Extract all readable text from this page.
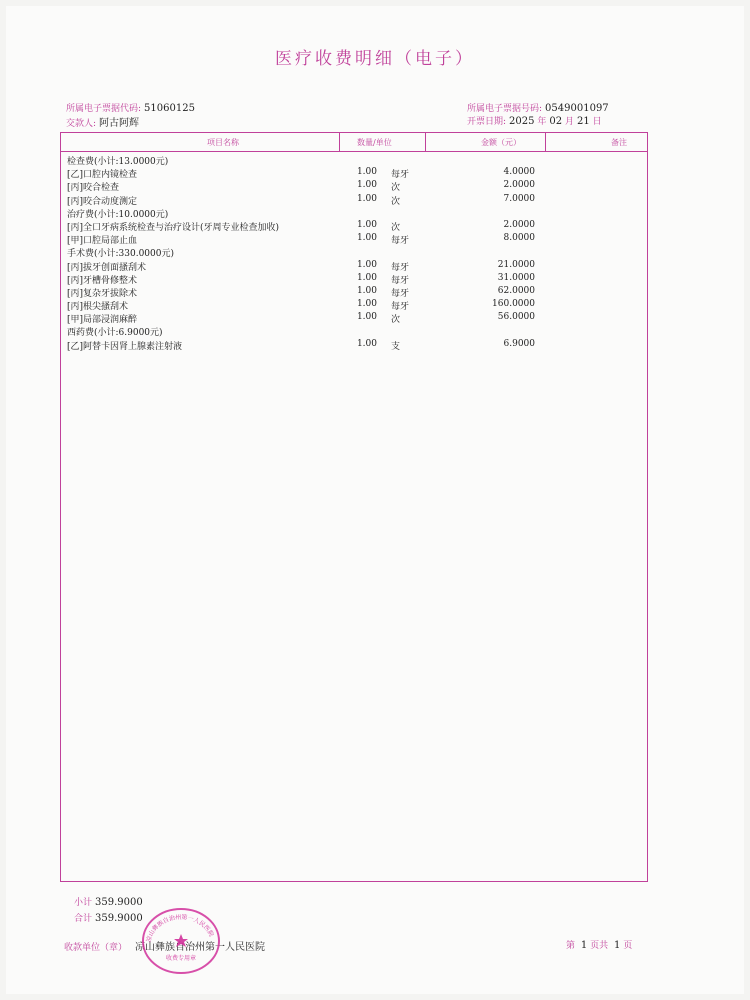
医疗收费明细（电子）
所属电子票据代码: 51060125	所属电子票据号码: 0549001097
交款人: 阿古阿辉	开票日期: 2025 年 02 月 21 日
项目名称	数量/单位	金额（元）	备注
检查费(小计:13.0000元)
[乙]口腔内镜检查	1.00 每牙	4.0000
[丙]咬合检查	1.00 次	2.0000
[丙]咬合动度测定	1.00 次	7.0000
治疗费(小计:10.0000元)
[丙]全口牙病系统检查与治疗设计(牙周专业检查加收)	1.00 次	2.0000
[甲]口腔局部止血	1.00 每牙	8.0000
手术费(小计:330.0000元)
[丙]拔牙创面搔刮术	1.00 每牙	21.0000
[丙]牙槽骨修整术	1.00 每牙	31.0000
[丙]复杂牙拔除术	1.00 每牙	62.0000
[丙]根尖搔刮术	1.00 每牙	160.0000
[甲]局部浸润麻醉	1.00 次	56.0000
西药费(小计:6.9000元)
[乙]阿替卡因肾上腺素注射液	1.00 支	6.9000
小计 359.9000
合计 359.9000
收款单位（章） 凉山彝族自治州第一人民医院	第 1 页共 1 页
凉山彝族自治州第一人民医院
收费专用章
